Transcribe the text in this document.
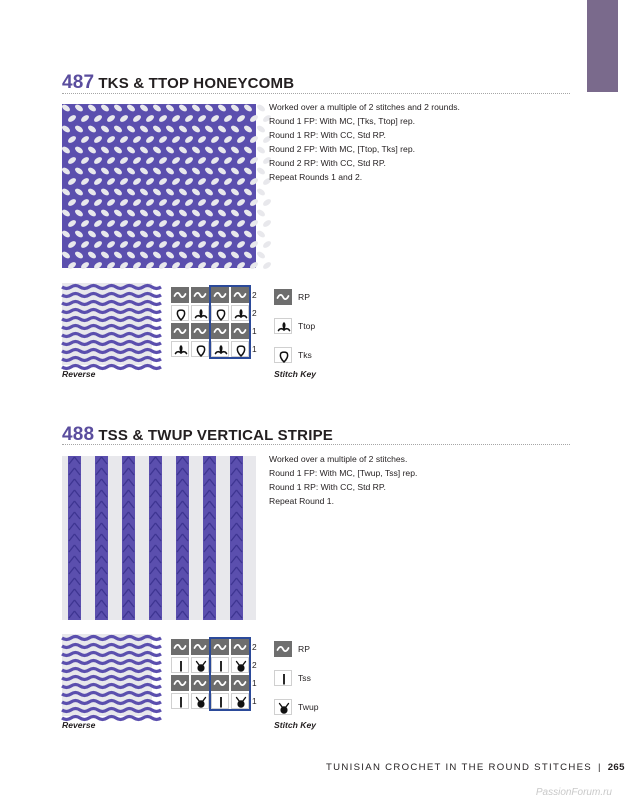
487 TKS & TTOP HONEYCOMB
Worked over a multiple of 2 stitches and 2 rounds.
Round 1 FP: With MC, [Tks, Ttop] rep.
Round 1 RP: With CC, Std RP.
Round 2 FP: With MC, [Ttop, Tks] rep.
Round 2 RP: With CC, Std RP.
Repeat Rounds 1 and 2.
Reverse
2
2
1
1
RP
Ttop
Tks
Stitch Key
488 TSS & TWUP VERTICAL STRIPE
Worked over a multiple of 2 stitches.
Round 1 FP: With MC, [Twup, Tss] rep.
Round 1 RP: With CC, Std RP.
Repeat Round 1.
Reverse
2
2
1
1
RP
Tss
Twup
Stitch Key
TUNISIAN CROCHET IN THE ROUND STITCHES | 265
PassionForum.ru
